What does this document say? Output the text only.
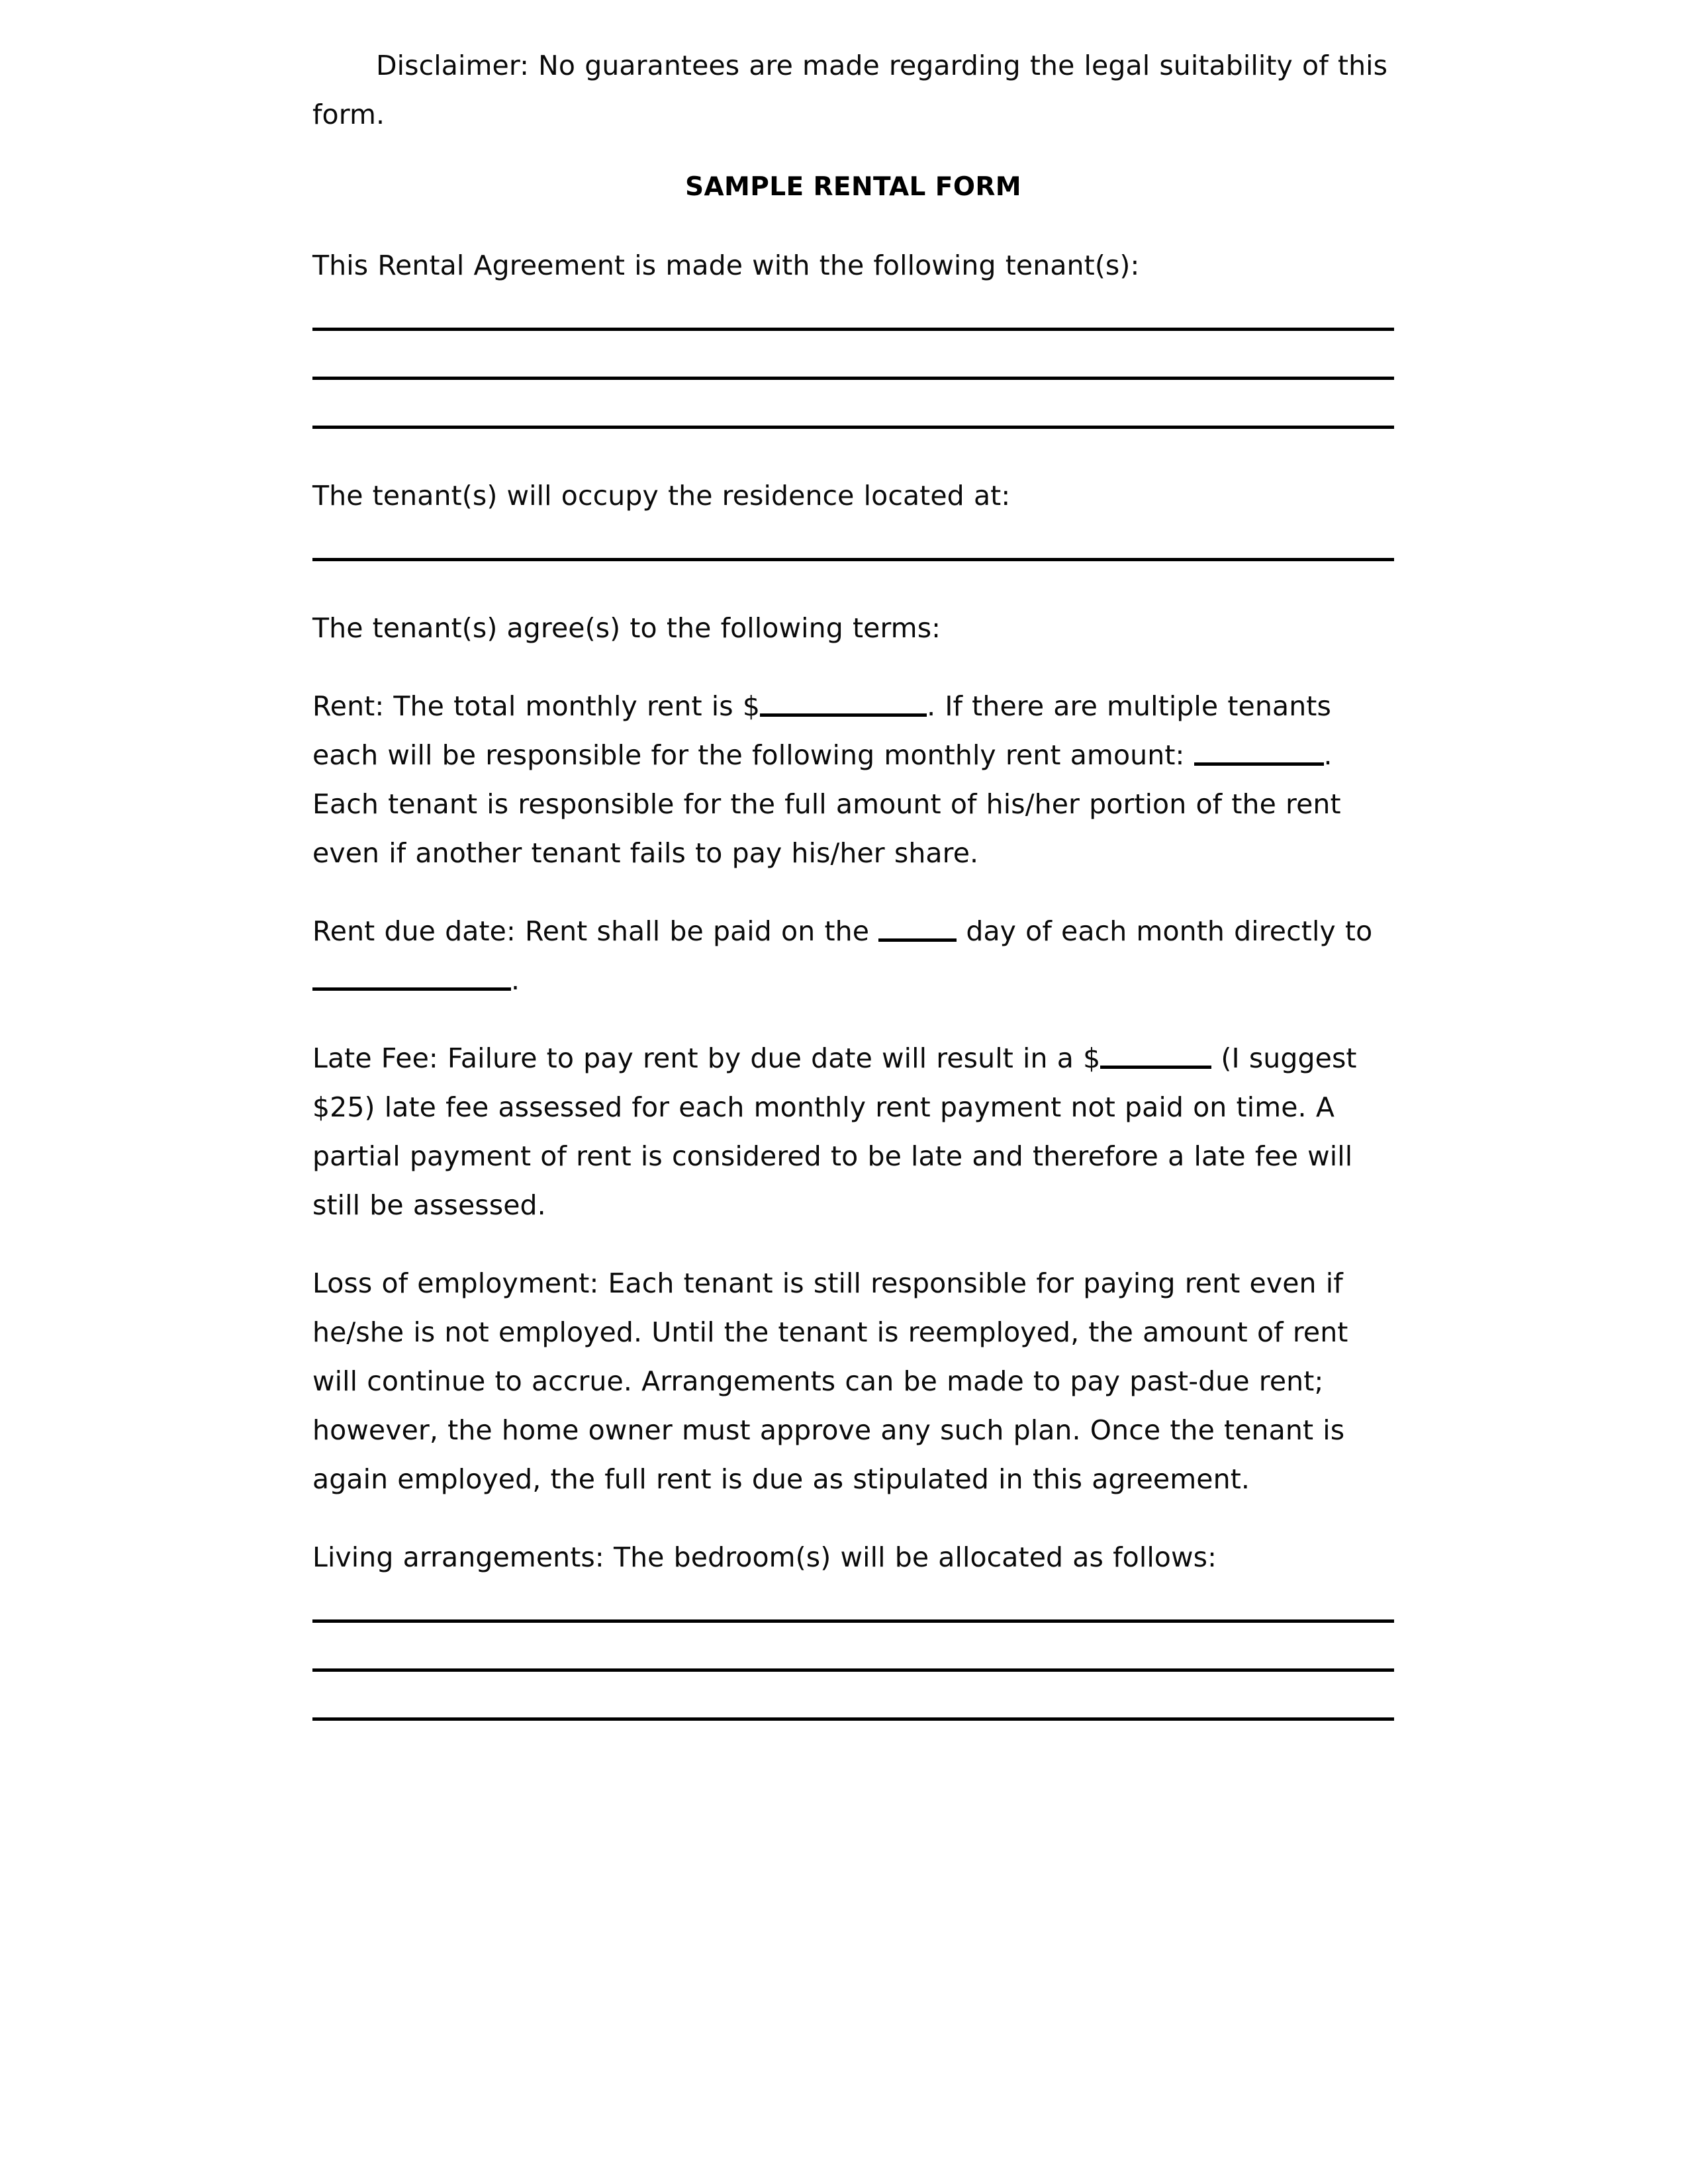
Disclaimer: No guarantees are made regarding the legal suitability of this form.

SAMPLE RENTAL FORM

This Rental Agreement is made with the following tenant(s):

The tenant(s) will occupy the residence located at:

The tenant(s) agree(s) to the following terms:

Rent: The total monthly rent is $	. If there are multiple tenants each will be responsible for the following monthly rent amount:	. Each tenant is responsible for the full amount of his/her portion of the rent even if another tenant fails to pay his/her share.

Rent due date: Rent shall be paid on the	day of each month directly to .

Late Fee: Failure to pay rent by due date will result in a $	(I suggest $25) late fee assessed for each monthly rent payment not paid on time. A partial payment of rent is considered to be late and therefore a late fee will still be assessed.

Loss of employment: Each tenant is still responsible for paying rent even if he/she is not employed. Until the tenant is reemployed, the amount of rent will continue to accrue. Arrangements can be made to pay past-due rent; however, the home owner must approve any such plan. Once the tenant is again employed, the full rent is due as stipulated in this agreement.

Living arrangements: The bedroom(s) will be allocated as follows:
